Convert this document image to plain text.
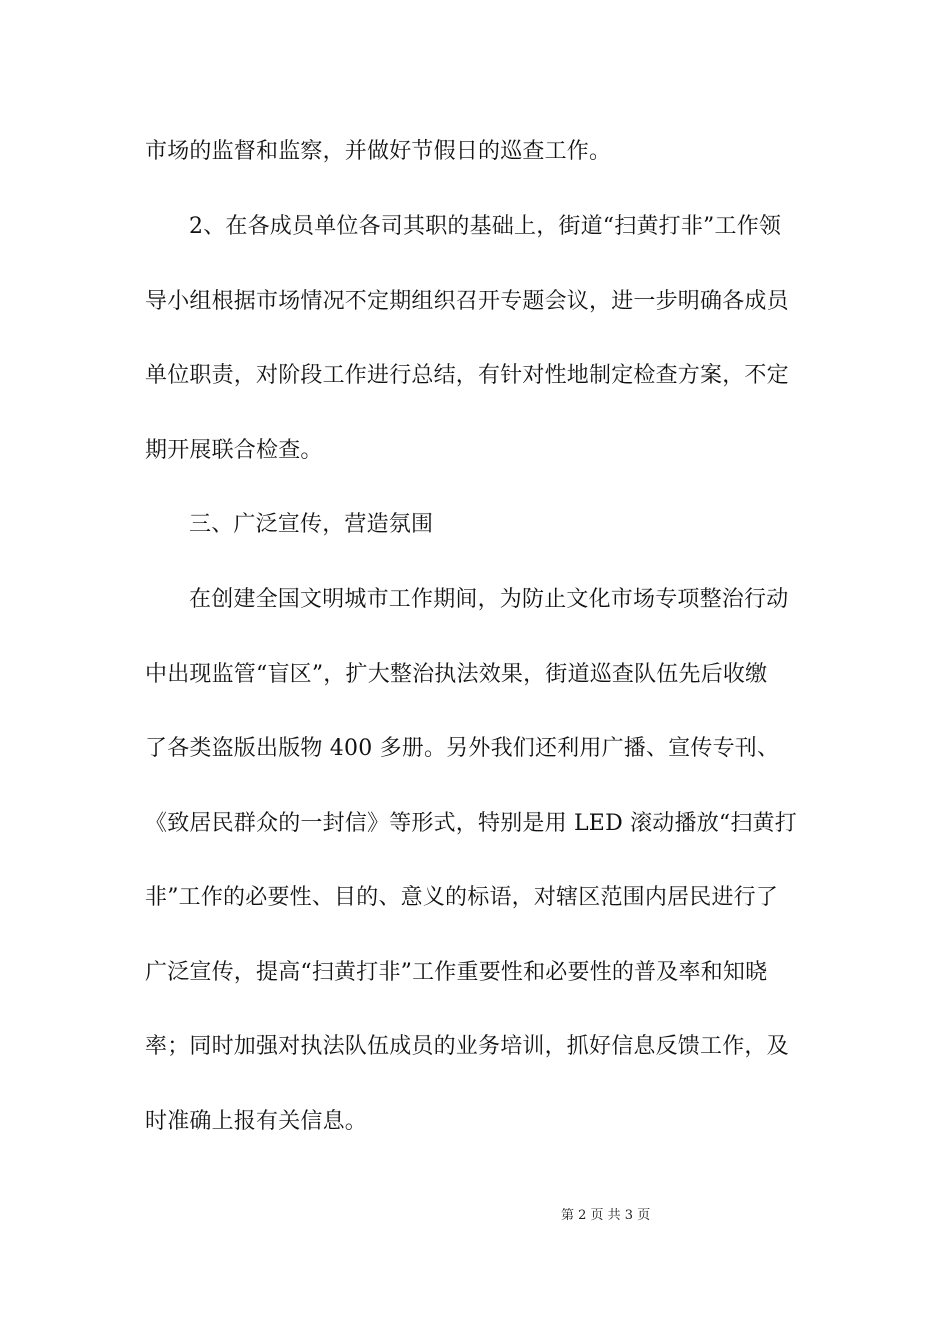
市场的监督和监察，并做好节假日的巡查工作。
2、在各成员单位各司其职的基础上，街道“扫黄打非”工作领
导小组根据市场情况不定期组织召开专题会议，进一步明确各成员
单位职责，对阶段工作进行总结，有针对性地制定检查方案，不定
期开展联合检查。
三、广泛宣传，营造氛围
在创建全国文明城市工作期间，为防止文化市场专项整治行动
中出现监管“盲区”，扩大整治执法效果，街道巡查队伍先后收缴
了各类盗版出版物 400 多册。另外我们还利用广播、宣传专刊、
《致居民群众的一封信》等形式，特别是用 LED 滚动播放“扫黄打
非”工作的必要性、目的、意义的标语，对辖区范围内居民进行了
广泛宣传，提高“扫黄打非”工作重要性和必要性的普及率和知晓
率；同时加强对执法队伍成员的业务培训，抓好信息反馈工作，及
时准确上报有关信息。
第 2 页 共 3 页
